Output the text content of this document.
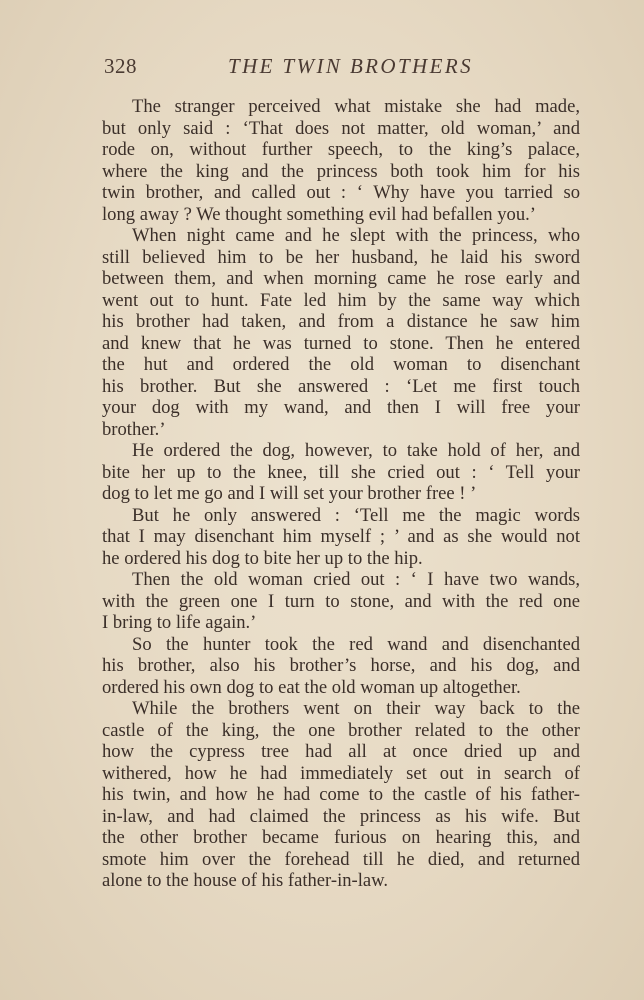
328	THE TWIN BROTHERS
The stranger perceived what mistake she had made,
but only said : ‘That does not matter, old woman,’ and
rode on, without further speech, to the king’s palace,
where the king and the princess both took him for his
twin brother, and called out : ‘ Why have you tarried so
long away ? We thought something evil had befallen you.’
When night came and he slept with the princess, who
still believed him to be her husband, he laid his sword
between them, and when morning came he rose early and
went out to hunt. Fate led him by the same way which
his brother had taken, and from a distance he saw him
and knew that he was turned to stone. Then he entered
the hut and ordered the old woman to disenchant
his brother. But she answered : ‘Let me first touch
your dog with my wand, and then I will free your
brother.’
He ordered the dog, however, to take hold of her, and
bite her up to the knee, till she cried out : ‘ Tell your
dog to let me go and I will set your brother free ! ’
But he only answered : ‘Tell me the magic words
that I may disenchant him myself ; ’ and as she would not
he ordered his dog to bite her up to the hip.
Then the old woman cried out : ‘ I have two wands,
with the green one I turn to stone, and with the red one
I bring to life again.’
So the hunter took the red wand and disenchanted
his brother, also his brother’s horse, and his dog, and
ordered his own dog to eat the old woman up altogether.
While the brothers went on their way back to the
castle of the king, the one brother related to the other
how the cypress tree had all at once dried up and
withered, how he had immediately set out in search of
his twin, and how he had come to the castle of his father-
in-law, and had claimed the princess as his wife. But
the other brother became furious on hearing this, and
smote him over the forehead till he died, and returned
alone to the house of his father-in-law.
